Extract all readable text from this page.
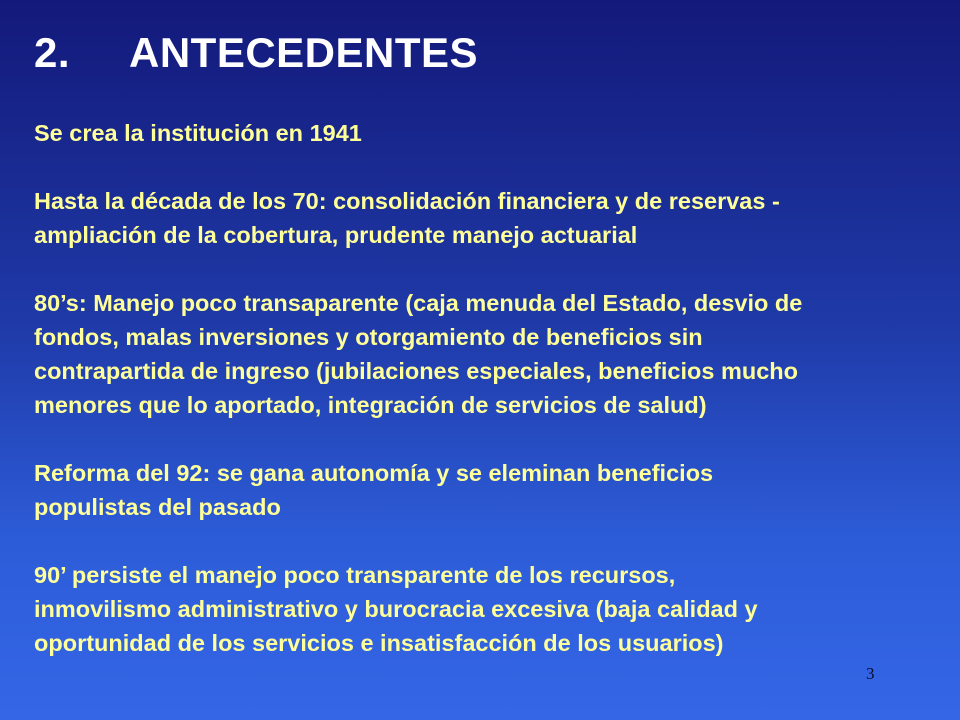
2. ANTECEDENTES

Se crea la institución en 1941

Hasta la década de los 70: consolidación financiera y de reservas -
ampliación de la cobertura, prudente manejo actuarial

80’s: Manejo poco transaparente (caja menuda del Estado, desvio de
fondos, malas inversiones y otorgamiento de beneficios sin
contrapartida de ingreso (jubilaciones especiales, beneficios mucho
menores que lo aportado, integración de servicios de salud)

Reforma del 92: se gana autonomía y se eleminan beneficios
populistas del pasado

90’ persiste el manejo poco transparente de los recursos,
inmovilismo administrativo y burocracia excesiva (baja calidad y
oportunidad de los servicios e insatisfacción de los usuarios)

3
